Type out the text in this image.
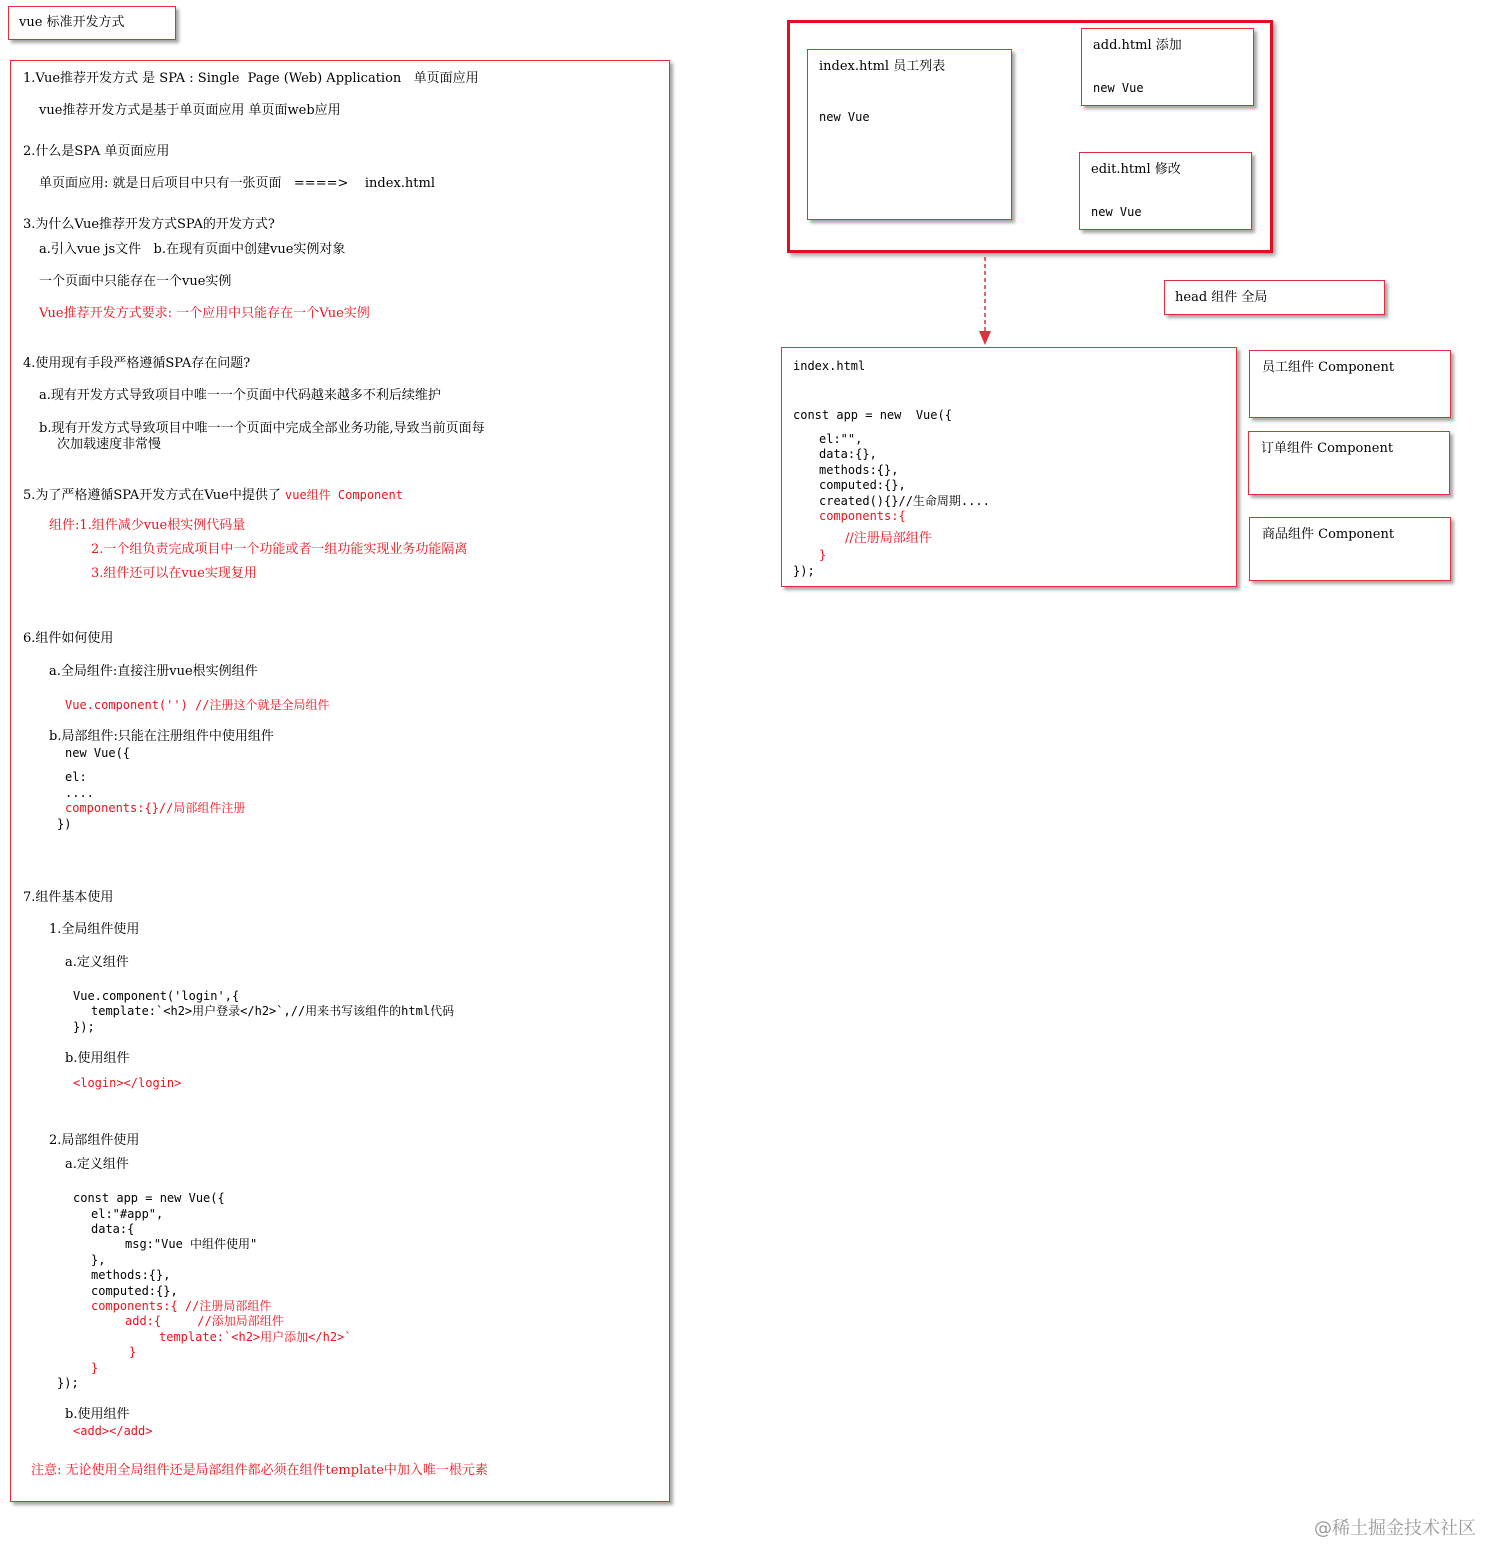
vue 标准开发方式
1.Vue推荐开发方式 是 SPA : Single  Page (Web) Application   单页面应用
vue推荐开发方式是基于单页面应用 单页面web应用
2.什么是SPA 单页面应用
单页面应用: 就是日后项目中只有一张页面   ====>    index.html
3.为什么Vue推荐开发方式SPA的开发方式?
a.引入vue js文件   b.在现有页面中创建vue实例对象
一个页面中只能存在一个vue实例
Vue推荐开发方式要求: 一个应用中只能存在一个Vue实例
4.使用现有手段严格遵循SPA存在问题?
a.现有开发方式导致项目中唯一一个页面中代码越来越多不利后续维护
b.现有开发方式导致项目中唯一一个页面中完成全部业务功能,导致当前页面每
次加载速度非常慢
5.为了严格遵循SPA开发方式在Vue中提供了 vue组件 Component
组件:1.组件减少vue根实例代码量
2.一个组负责完成项目中一个功能或者一组功能实现业务功能隔离
3.组件还可以在vue实现复用
6.组件如何使用
a.全局组件:直接注册vue根实例组件
Vue.component('') //注册这个就是全局组件
b.局部组件:只能在注册组件中使用组件
new Vue({
el:
....
components:{}//局部组件注册
})
7.组件基本使用
1.全局组件使用
a.定义组件
Vue.component('login',{
template:`<h2>用户登录</h2>`,//用来书写该组件的html代码
});
b.使用组件
<login></login>
2.局部组件使用
a.定义组件
const app = new Vue({
el:"#app",
data:{
msg:"Vue 中组件使用"
},
methods:{},
computed:{},
components:{ //注册局部组件
add:{     //添加局部组件
template:`<h2>用户添加</h2>`
}
}
});
b.使用组件
<add></add>
注意: 无论使用全局组件还是局部组件都必须在组件template中加入唯一根元素
index.html 员工列表
new Vue
add.html 添加
new Vue
edit.html 修改
new Vue
head 组件 全局
index.html
const app = new  Vue({
el:"",
data:{},
methods:{},
computed:{},
created(){}//生命周期....
components:{
//注册局部组件
}
});
员工组件 Component
订单组件 Component
商品组件 Component
@稀土掘金技术社区
